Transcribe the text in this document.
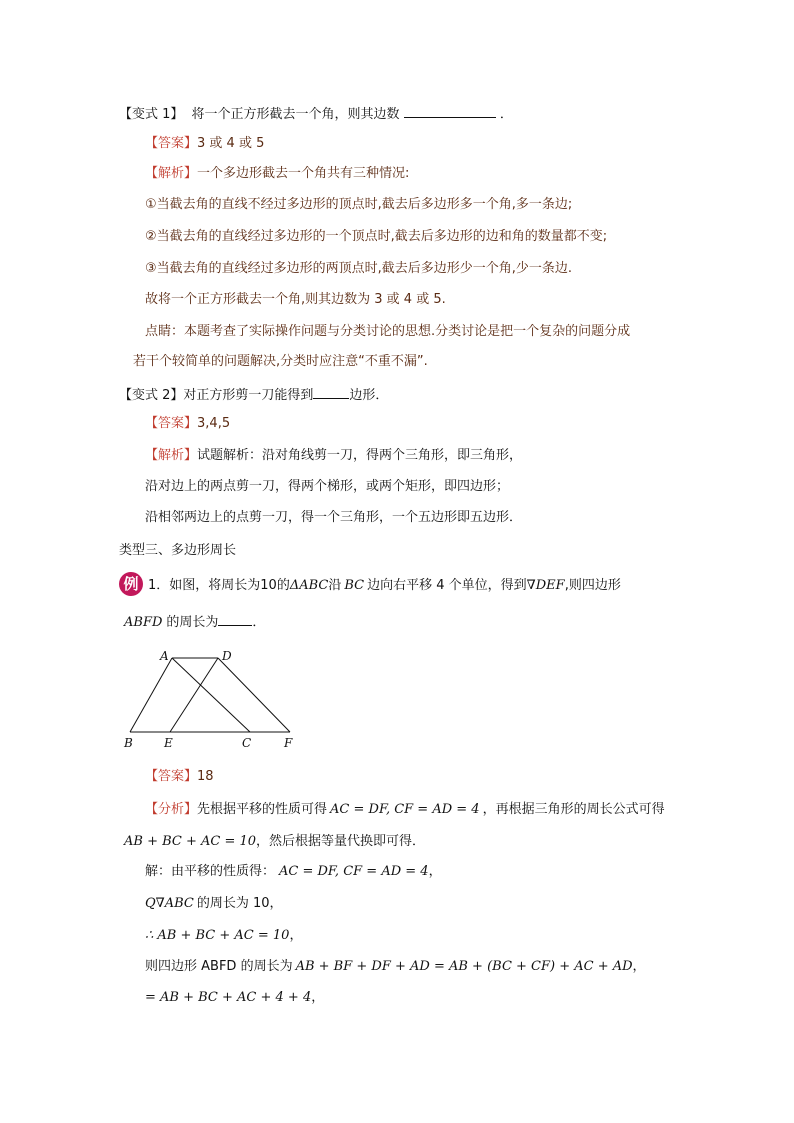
【变式 1】 将一个正方形截去一个角，则其边数	．
【答案】3 或 4 或 5
【解析】一个多边形截去一个角共有三种情况:
①当截去角的直线不经过多边形的顶点时,截去后多边形多一个角,多一条边;
②当截去角的直线经过多边形的一个顶点时,截去后多边形的边和角的数量都不变;
③当截去角的直线经过多边形的两顶点时,截去后多边形少一个角,少一条边.
故将一个正方形截去一个角,则其边数为 3 或 4 或 5.
点睛：本题考查了实际操作问题与分类讨论的思想.分类讨论是把一个复杂的问题分成
若干个较简单的问题解决,分类时应注意“不重不漏”.
【变式 2】对正方形剪一刀能得到	边形．
【答案】3,4,5
【解析】试题解析：沿对角线剪一刀，得两个三角形，即三角形，
沿对边上的两点剪一刀，得两个梯形，或两个矩形，即四边形；
沿相邻两边上的点剪一刀，得一个三角形，一个五边形即五边形．
类型三、多边形周长
例 1．如图，将周长为10的ΔABC沿 BC 边向右平移 4 个单位，得到∇DEF,则四边形
ABFD 的周长为	．
A	D
B	E	C	F
【答案】18
【分析】先根据平移的性质可得 AC = DF, CF = AD = 4 ，再根据三角形的周长公式可得
AB + BC + AC = 10，然后根据等量代换即可得．
解：由平移的性质得： AC = DF, CF = AD = 4，
Q∇ABC 的周长为 10，
∴ AB + BC + AC = 10，
则四边形 ABFD 的周长为 AB + BF + DF + AD = AB + (BC + CF) + AC + AD，
= AB + BC + AC + 4 + 4，
